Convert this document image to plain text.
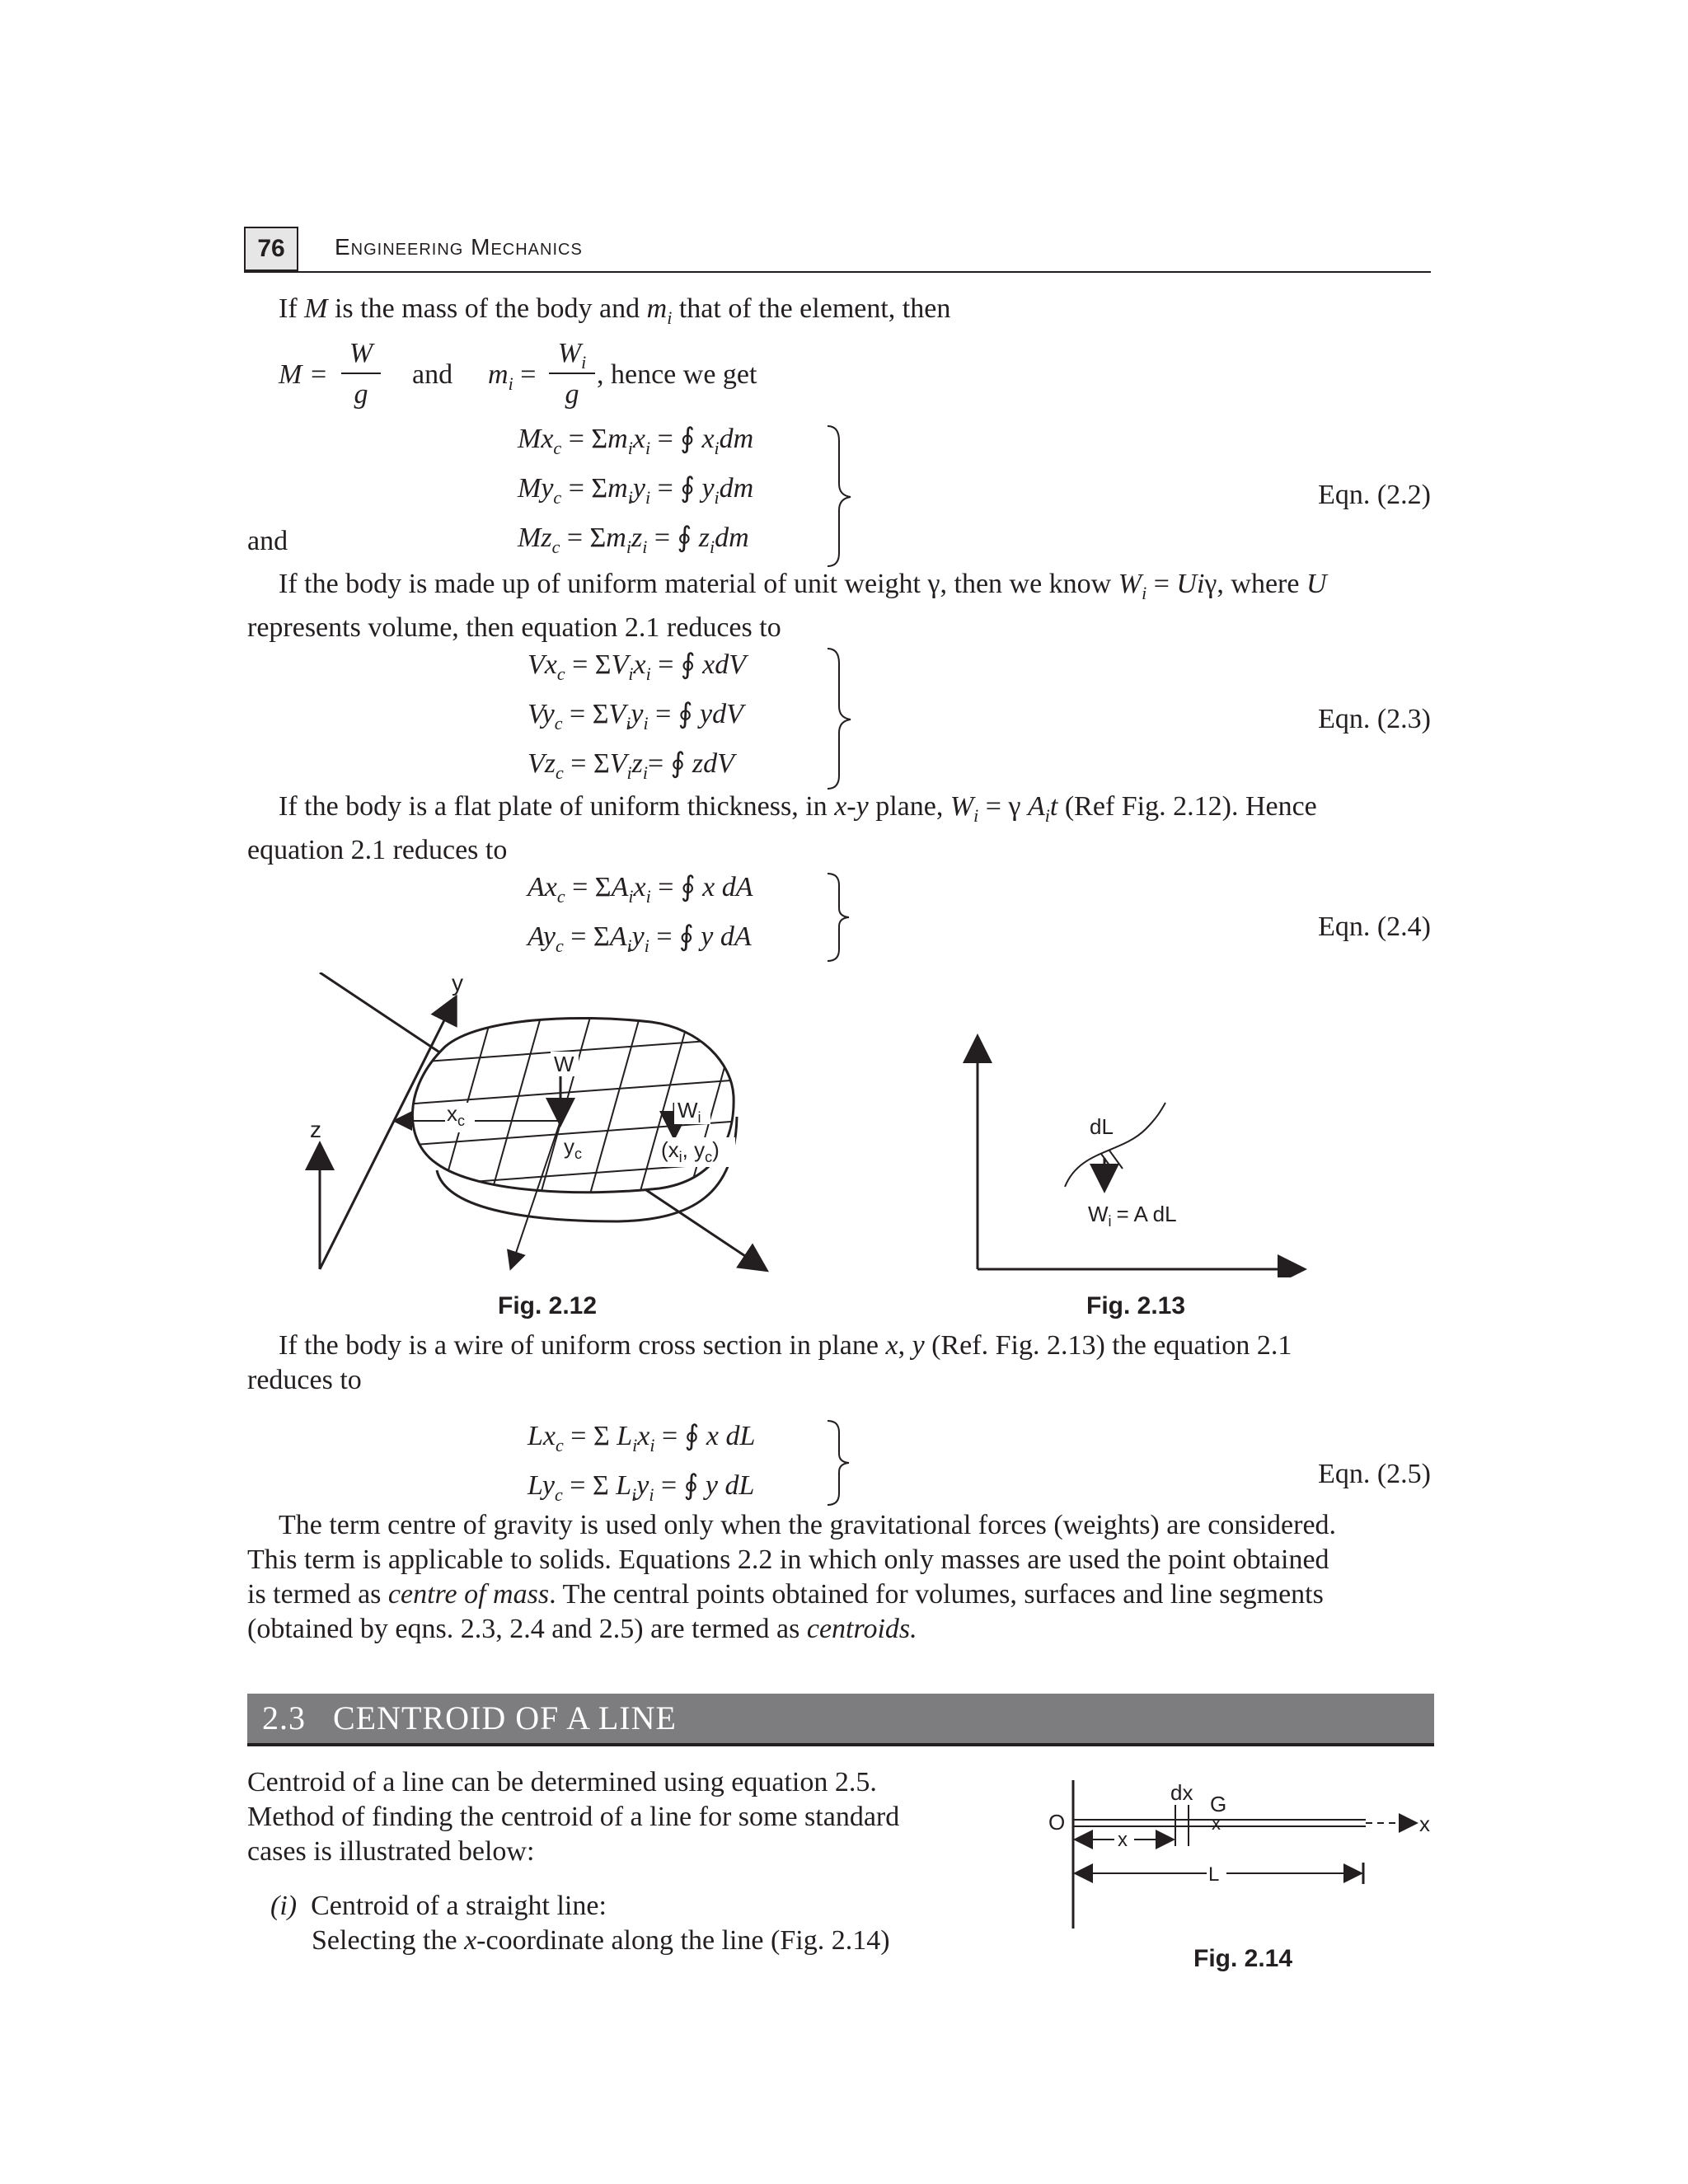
76	Engineering Mechanics
If M is the mass of the body and $m_i$ that of the element, then
M =
W
g
and $m_i$ =
$W_i$
g
, hence we get
$Mx_c = \Sigma m_ix_i$ = ∮ $x_idm$
$My_c = \Sigma m_iy_i$ = ∮ $y_idm$
and	$Mz_c = \Sigma m_iz_i$ = ∮ $z_idm$
Eqn. (2.2)
If the body is made up of uniform material of unit weight γ, then we know $W_i = Ui\gamma$, where U
represents volume, then equation 2.1 reduces to
$Vx_c = \Sigma V_ix_i$ = ∮ xdV
$Vy_c = \Sigma V_iy_i$ = ∮ ydV
$Vz_c = \Sigma V_iz_i=$ ∮ zdV
Eqn. (2.3)
If the body is a flat plate of uniform thickness, in x-y plane, $W_i = \gamma$ $A_it$ (Ref Fig. 2.12). Hence
equation 2.1 reduces to
$Ax_c = \Sigma A_ix_i$ = ∮ x dA
$Ay_c = \Sigma A_iy_i$ = ∮ y dA	Eqn. (2.4)
y
z
W
$x_c$
$y_c$
$W_i$
($x_i$, $y_c$)
Fig. 2.12
dL
$W_i = A$ dL
Fig. 2.13
If the body is a wire of uniform cross section in plane x, y (Ref. Fig. 2.13) the equation 2.1
reduces to
$Lx_c = \Sigma$ $L_ix_i$ = ∮ x dL
$Ly_c = \Sigma$ $L_iy_i$ = ∮ y dL	Eqn. (2.5)
The term centre of gravity is used only when the gravitational forces (weights) are considered.
This term is applicable to solids. Equations 2.2 in which only masses are used the point obtained
is termed as centre of mass. The central points obtained for volumes, surfaces and line segments
(obtained by eqns. 2.3, 2.4 and 2.5) are termed as centroids.
2.3 CENTROID OF A LINE
Centroid of a line can be determined using equation 2.5.
Method of finding the centroid of a line for some standard
cases is illustrated below:
(i) Centroid of a straight line:
Selecting the x-coordinate along the line (Fig. 2.14)
O	x
dx G
x
x
L
Fig. 2.14
